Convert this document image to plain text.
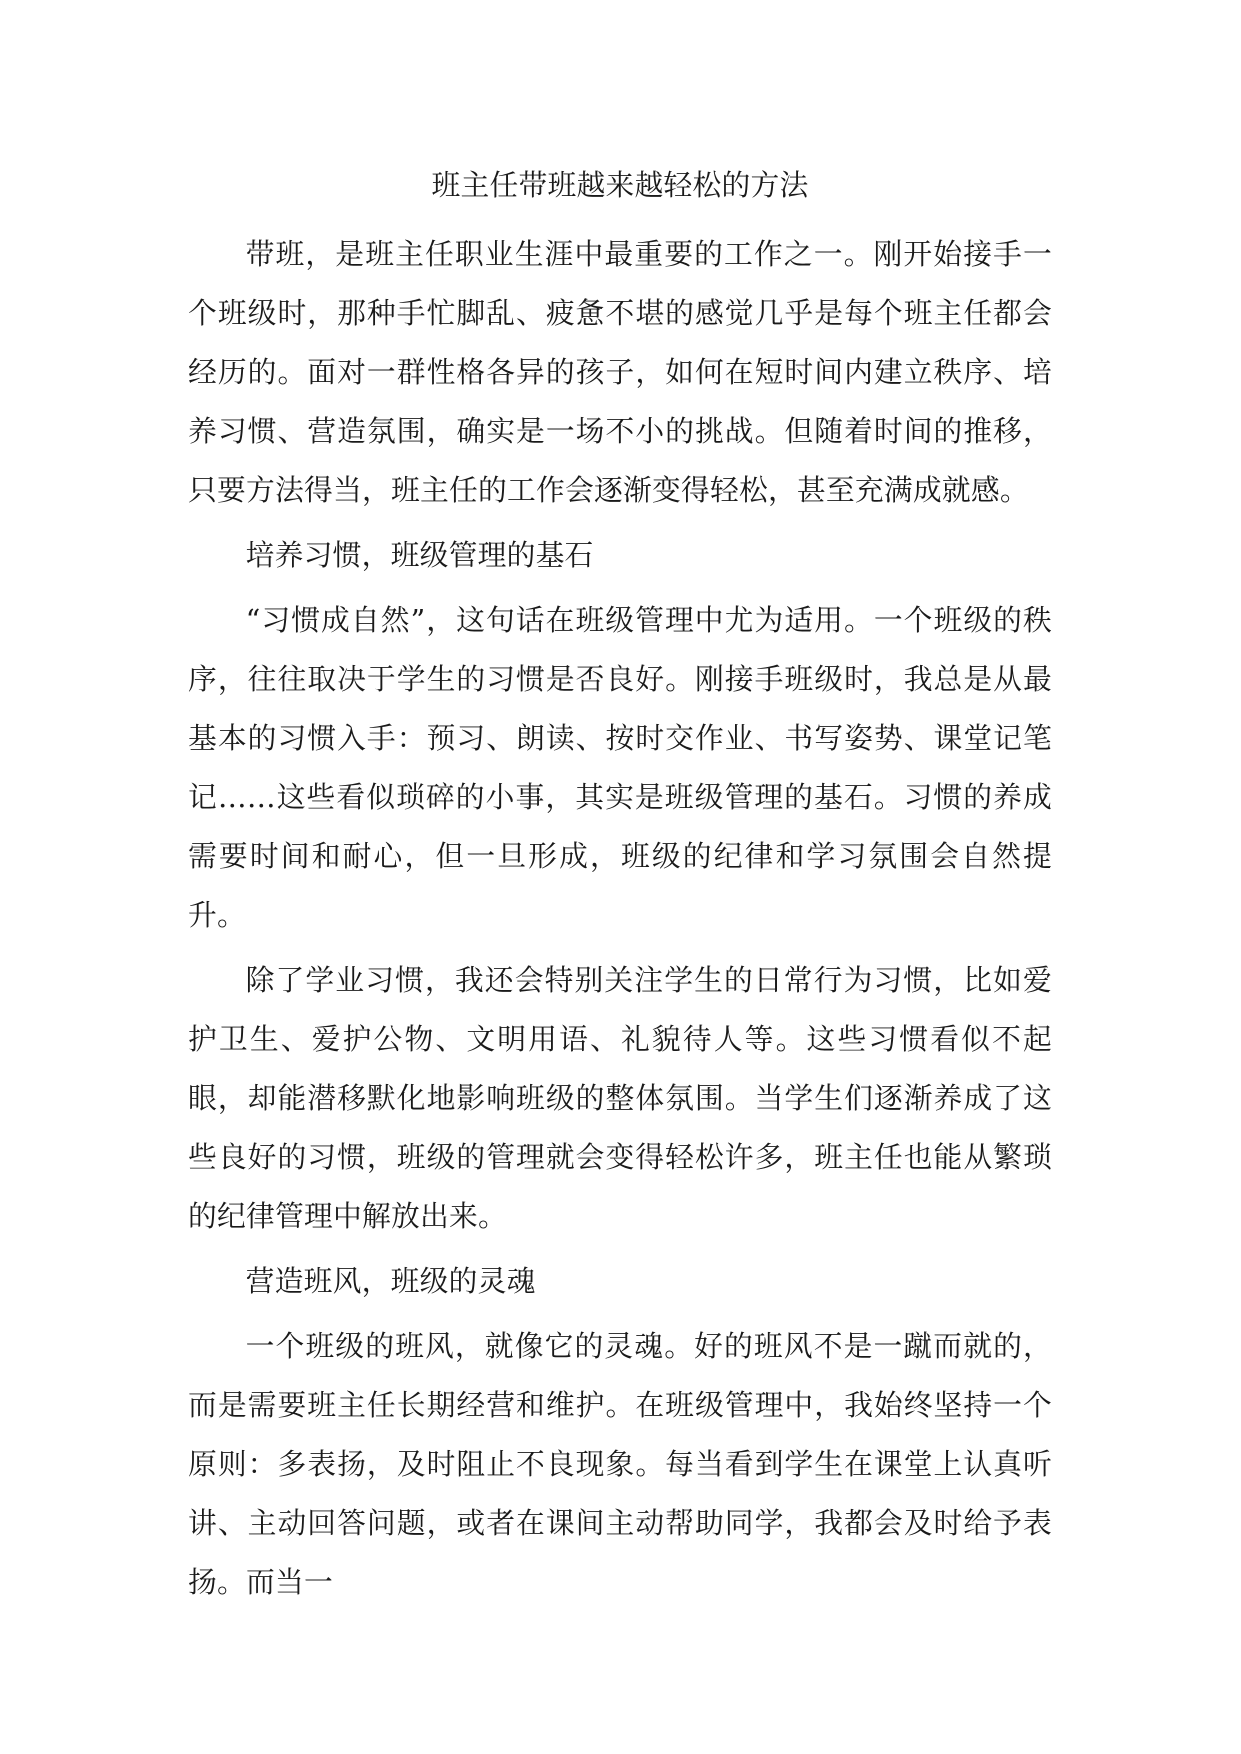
班主任带班越来越轻松的方法

带班，是班主任职业生涯中最重要的工作之一。刚开始接手一个班级时，那种手忙脚乱、疲惫不堪的感觉几乎是每个班主任都会经历的。面对一群性格各异的孩子，如何在短时间内建立秩序、培养习惯、营造氛围，确实是一场不小的挑战。但随着时间的推移，只要方法得当，班主任的工作会逐渐变得轻松，甚至充满成就感。

培养习惯，班级管理的基石

“习惯成自然”，这句话在班级管理中尤为适用。一个班级的秩序，往往取决于学生的习惯是否良好。刚接手班级时，我总是从最基本的习惯入手：预习、朗读、按时交作业、书写姿势、课堂记笔记……这些看似琐碎的小事，其实是班级管理的基石。习惯的养成需要时间和耐心，但一旦形成，班级的纪律和学习氛围会自然提升。

除了学业习惯，我还会特别关注学生的日常行为习惯，比如爱护卫生、爱护公物、文明用语、礼貌待人等。这些习惯看似不起眼，却能潜移默化地影响班级的整体氛围。当学生们逐渐养成了这些良好的习惯，班级的管理就会变得轻松许多，班主任也能从繁琐的纪律管理中解放出来。

营造班风，班级的灵魂

一个班级的班风，就像它的灵魂。好的班风不是一蹴而就的，而是需要班主任长期经营和维护。在班级管理中，我始终坚持一个原则：多表扬，及时阻止不良现象。每当看到学生在课堂上认真听讲、主动回答问题，或者在课间主动帮助同学，我都会及时给予表扬。而当一
